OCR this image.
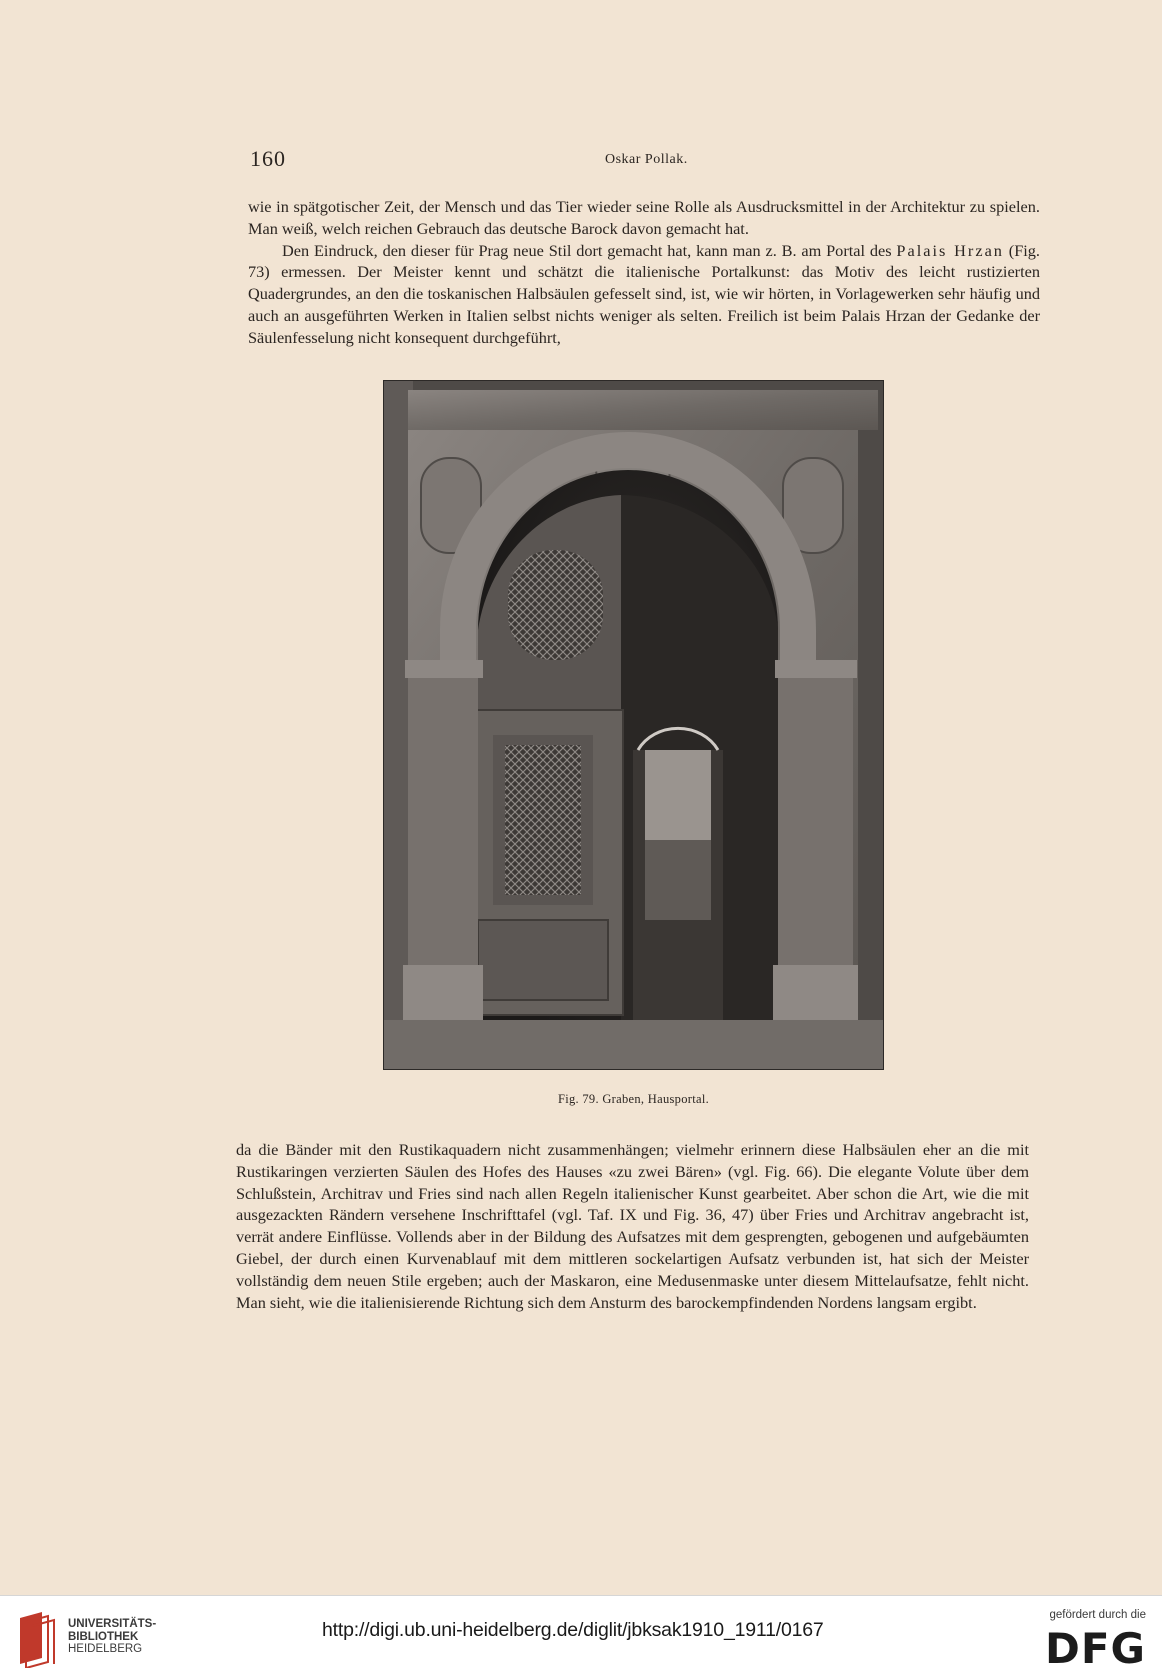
160	Oskar Pollak.

wie in spätgotischer Zeit, der Mensch und das Tier wieder seine Rolle als Ausdrucksmittel in der Architektur zu spielen. Man weiß, welch reichen Gebrauch das deutsche Barock davon gemacht hat.

Den Eindruck, den dieser für Prag neue Stil dort gemacht hat, kann man z. B. am Portal des Palais Hrzan (Fig. 73) ermessen. Der Meister kennt und schätzt die italienische Portalkunst: das Motiv des leicht rustizierten Quadergrundes, an den die toskanischen Halbsäulen gefesselt sind, ist, wie wir hörten, in Vorlagewerken sehr häufig und auch an ausgeführten Werken in Italien selbst nichts weniger als selten. Freilich ist beim Palais Hrzan der Gedanke der Säulenfesselung nicht konsequent durchgeführt,

Fig. 79. Graben, Hausportal.

da die Bänder mit den Rustikaquadern nicht zusammenhängen; vielmehr erinnern diese Halbsäulen eher an die mit Rustikaringen verzierten Säulen des Hofes des Hauses «zu zwei Bären» (vgl. Fig. 66). Die elegante Volute über dem Schlußstein, Architrav und Fries sind nach allen Regeln italienischer Kunst gearbeitet. Aber schon die Art, wie die mit ausgezackten Rändern versehene Inschrifttafel (vgl. Taf. IX und Fig. 36, 47) über Fries und Architrav angebracht ist, verrät andere Einflüsse. Vollends aber in der Bildung des Aufsatzes mit dem gesprengten, gebogenen und aufgebäumten Giebel, der durch einen Kurvenablauf mit dem mittleren sockelartigen Aufsatz verbunden ist, hat sich der Meister vollständig dem neuen Stile ergeben; auch der Maskaron, eine Medusenmaske unter diesem Mittelaufsatze, fehlt nicht. Man sieht, wie die italienisierende Richtung sich dem Ansturm des barockempfindenden Nordens langsam ergibt.

UNIVERSITÄTS-
BIBLIOTHEK
HEIDELBERG
http://digi.ub.uni-heidelberg.de/diglit/jbksak1910_1911/0167
gefördert durch die
DFG
